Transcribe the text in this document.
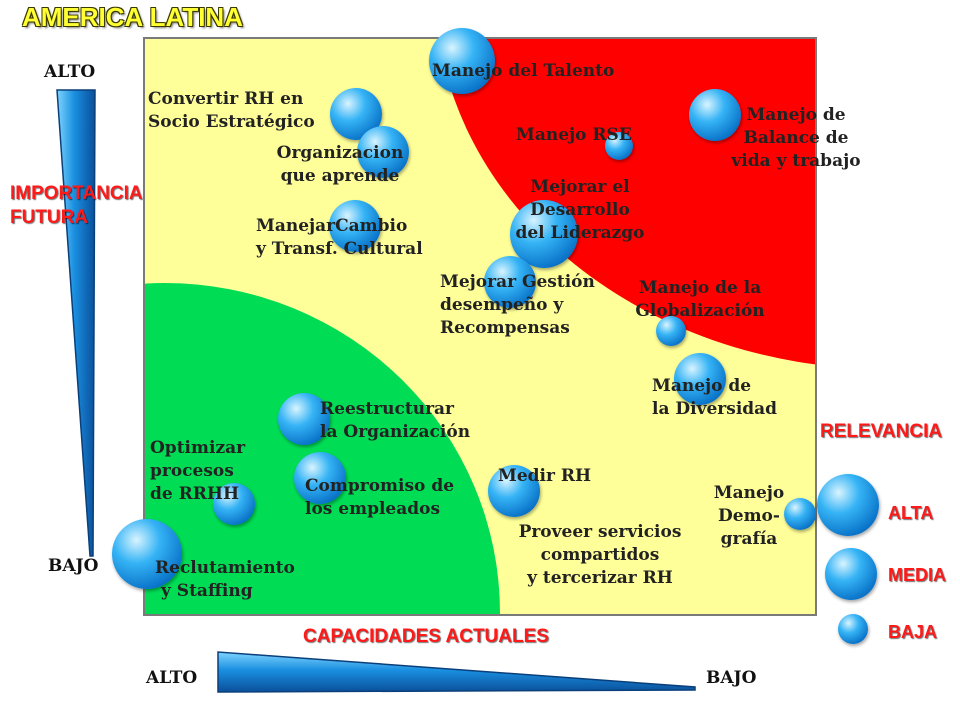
AMERICA LATINA
ALTO
IMPORTANCIA
FUTURA
BAJO
Manejo del Talento
Convertir RH en
Socio Estratégico
Organizacion
que aprende
Manejo RSE
Manejo de
Balance de
vida y trabajo
Mejorar el
Desarrollo
del Liderazgo
ManejarCambio
y Transf. Cultural
Mejorar Gestión
desempeño y
Recompensas
Manejo de la
Globalización
Manejo de
la Diversidad
Reestructurar
la Organización
Optimizar
procesos
de RRHH	Compromiso de
los empleados
Medir RH
Manejo
Demo-
grafía
Proveer servicios
compartidos
y tercerizar RH
Reclutamiento
y Staffing
RELEVANCIA
ALTA
MEDIA
BAJA
CAPACIDADES ACTUALES
ALTO	BAJO
